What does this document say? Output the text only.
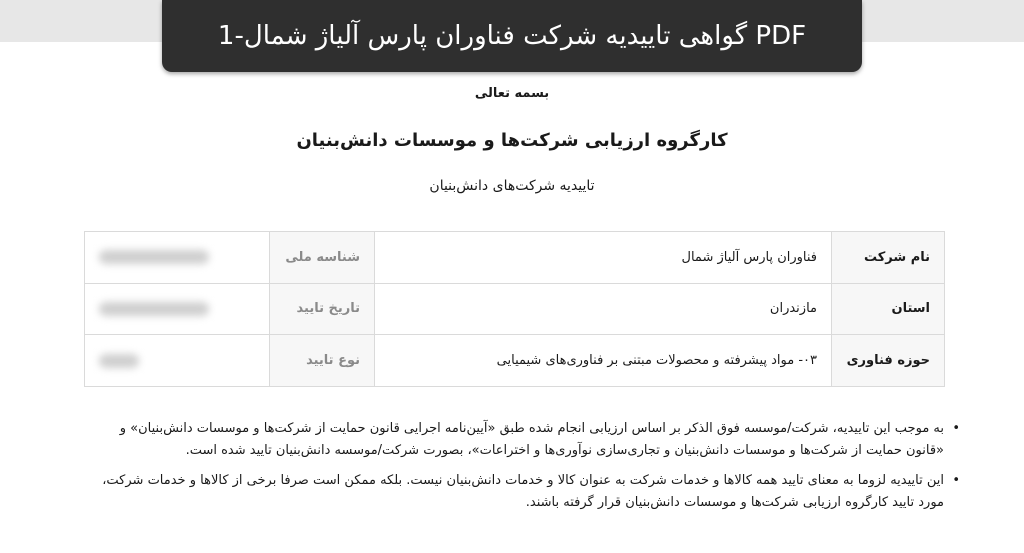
PDF گواهی تاییدیه شرکت فناوران پارس آلیاژ شمال-1
بسمه تعالی
کارگروه ارزیابی شرکت‌ها و موسسات دانش‌بنیان
تاییدیه شرکت‌های دانش‌بنیان
نام شرکت	فناوران پارس آلیاژ شمال	شناسه ملی	

استان	مازندران	تاریخ تایید	

حوزه فناوری	۰۳- مواد پیشرفته و محصولات مبتنی بر فناوری‌های شیمیایی	نوع تایید	
• به موجب این تاییدیه، شرکت/موسسه فوق الذکر بر اساس ارزیابی انجام شده طبق «آیین‌نامه اجرایی قانون حمایت از شرکت‌ها و موسسات دانش‌بنیان» و «قانون حمایت از شرکت‌ها و موسسات دانش‌بنیان و تجاری‌سازی نوآوری‌ها و اختراعات»، بصورت شرکت/موسسه دانش‌بنیان تایید شده است.
• این تاییدیه لزوما به معنای تایید همه کالاها و خدمات شرکت به عنوان کالا و خدمات دانش‌بنیان نیست. بلکه ممکن است صرفا برخی از کالاها و خدمات شرکت، مورد تایید کارگروه ارزیابی شرکت‌ها و موسسات دانش‌بنیان قرار گرفته باشند.
